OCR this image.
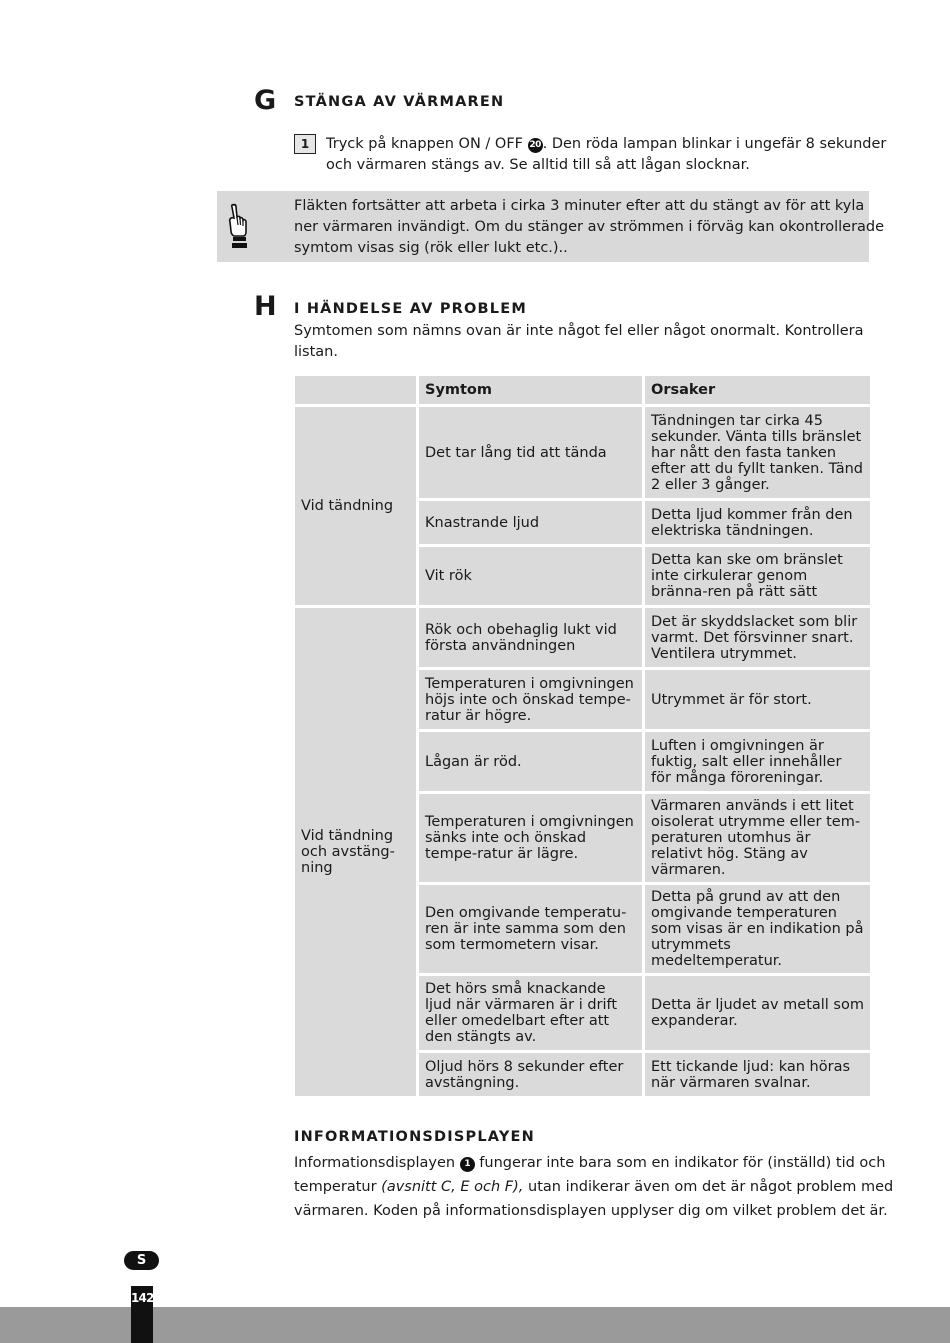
G STÄNGA AV VÄRMAREN
1	Tryck på knappen ON / OFF 20 . Den röda lampan blinkar i ungefär 8 sekunder
och värmaren stängs av. Se alltid till så att lågan slocknar.
Fläkten fortsätter att arbeta i cirka 3 minuter efter att du stängt av för att kyla
ner värmaren invändigt. Om du stänger av strömmen i förväg kan okontrollerade
symtom visas sig (rök eller lukt etc.)..
H I HÄNDELSE AV PROBLEM
Symtomen som nämns ovan är inte något fel eller något onormalt. Kontrollera
listan.
	Symtom	Orsaker
Vid tändning	Det tar lång tid att tända	Tändningen tar cirka 45 sekunder. Vänta tills bränslet har nått den fasta tanken efter att du fyllt tanken. Tänd 2 eller 3 gånger.
	Knastrande ljud	Detta ljud kommer från den elektriska tändningen.
	Vit rök	Detta kan ske om bränslet inte cirkulerar genom bränna-ren på rätt sätt
Vid tändning och avstäng-ning	Rök och obehaglig lukt vid första användningen	Det är skyddslacket som blir varmt. Det försvinner snart. Ventilera utrymmet.
	Temperaturen i omgivningen höjs inte och önskad tempe-ratur är högre.	Utrymmet är för stort.
	Lågan är röd.	Luften i omgivningen är fuktig, salt eller innehåller för många föroreningar.
	Temperaturen i omgivningen sänks inte och önskad tempe-ratur är lägre.	Värmaren används i ett litet oisolerat utrymme eller tem-peraturen utomhus är relativt hög. Stäng av värmaren.
	Den omgivande temperatu-ren är inte samma som den som termometern visar.	Detta på grund av att den omgivande temperaturen som visas är en indikation på utrymmets medeltemperatur.
	Det hörs små knackande ljud när värmaren är i drift eller omedelbart efter att den stängts av.	Detta är ljudet av metall som expanderar.
	Oljud hörs 8 sekunder efter avstängning.	Ett tickande ljud: kan höras när värmaren svalnar.
INFORMATIONSDISPLAYEN
Informationsdisplayen 1 fungerar inte bara som en indikator för (inställd) tid och
temperatur (avsnitt C, E och F), utan indikerar även om det är något problem med
värmaren. Koden på informationsdisplayen upplyser dig om vilket problem det är.
S
142
